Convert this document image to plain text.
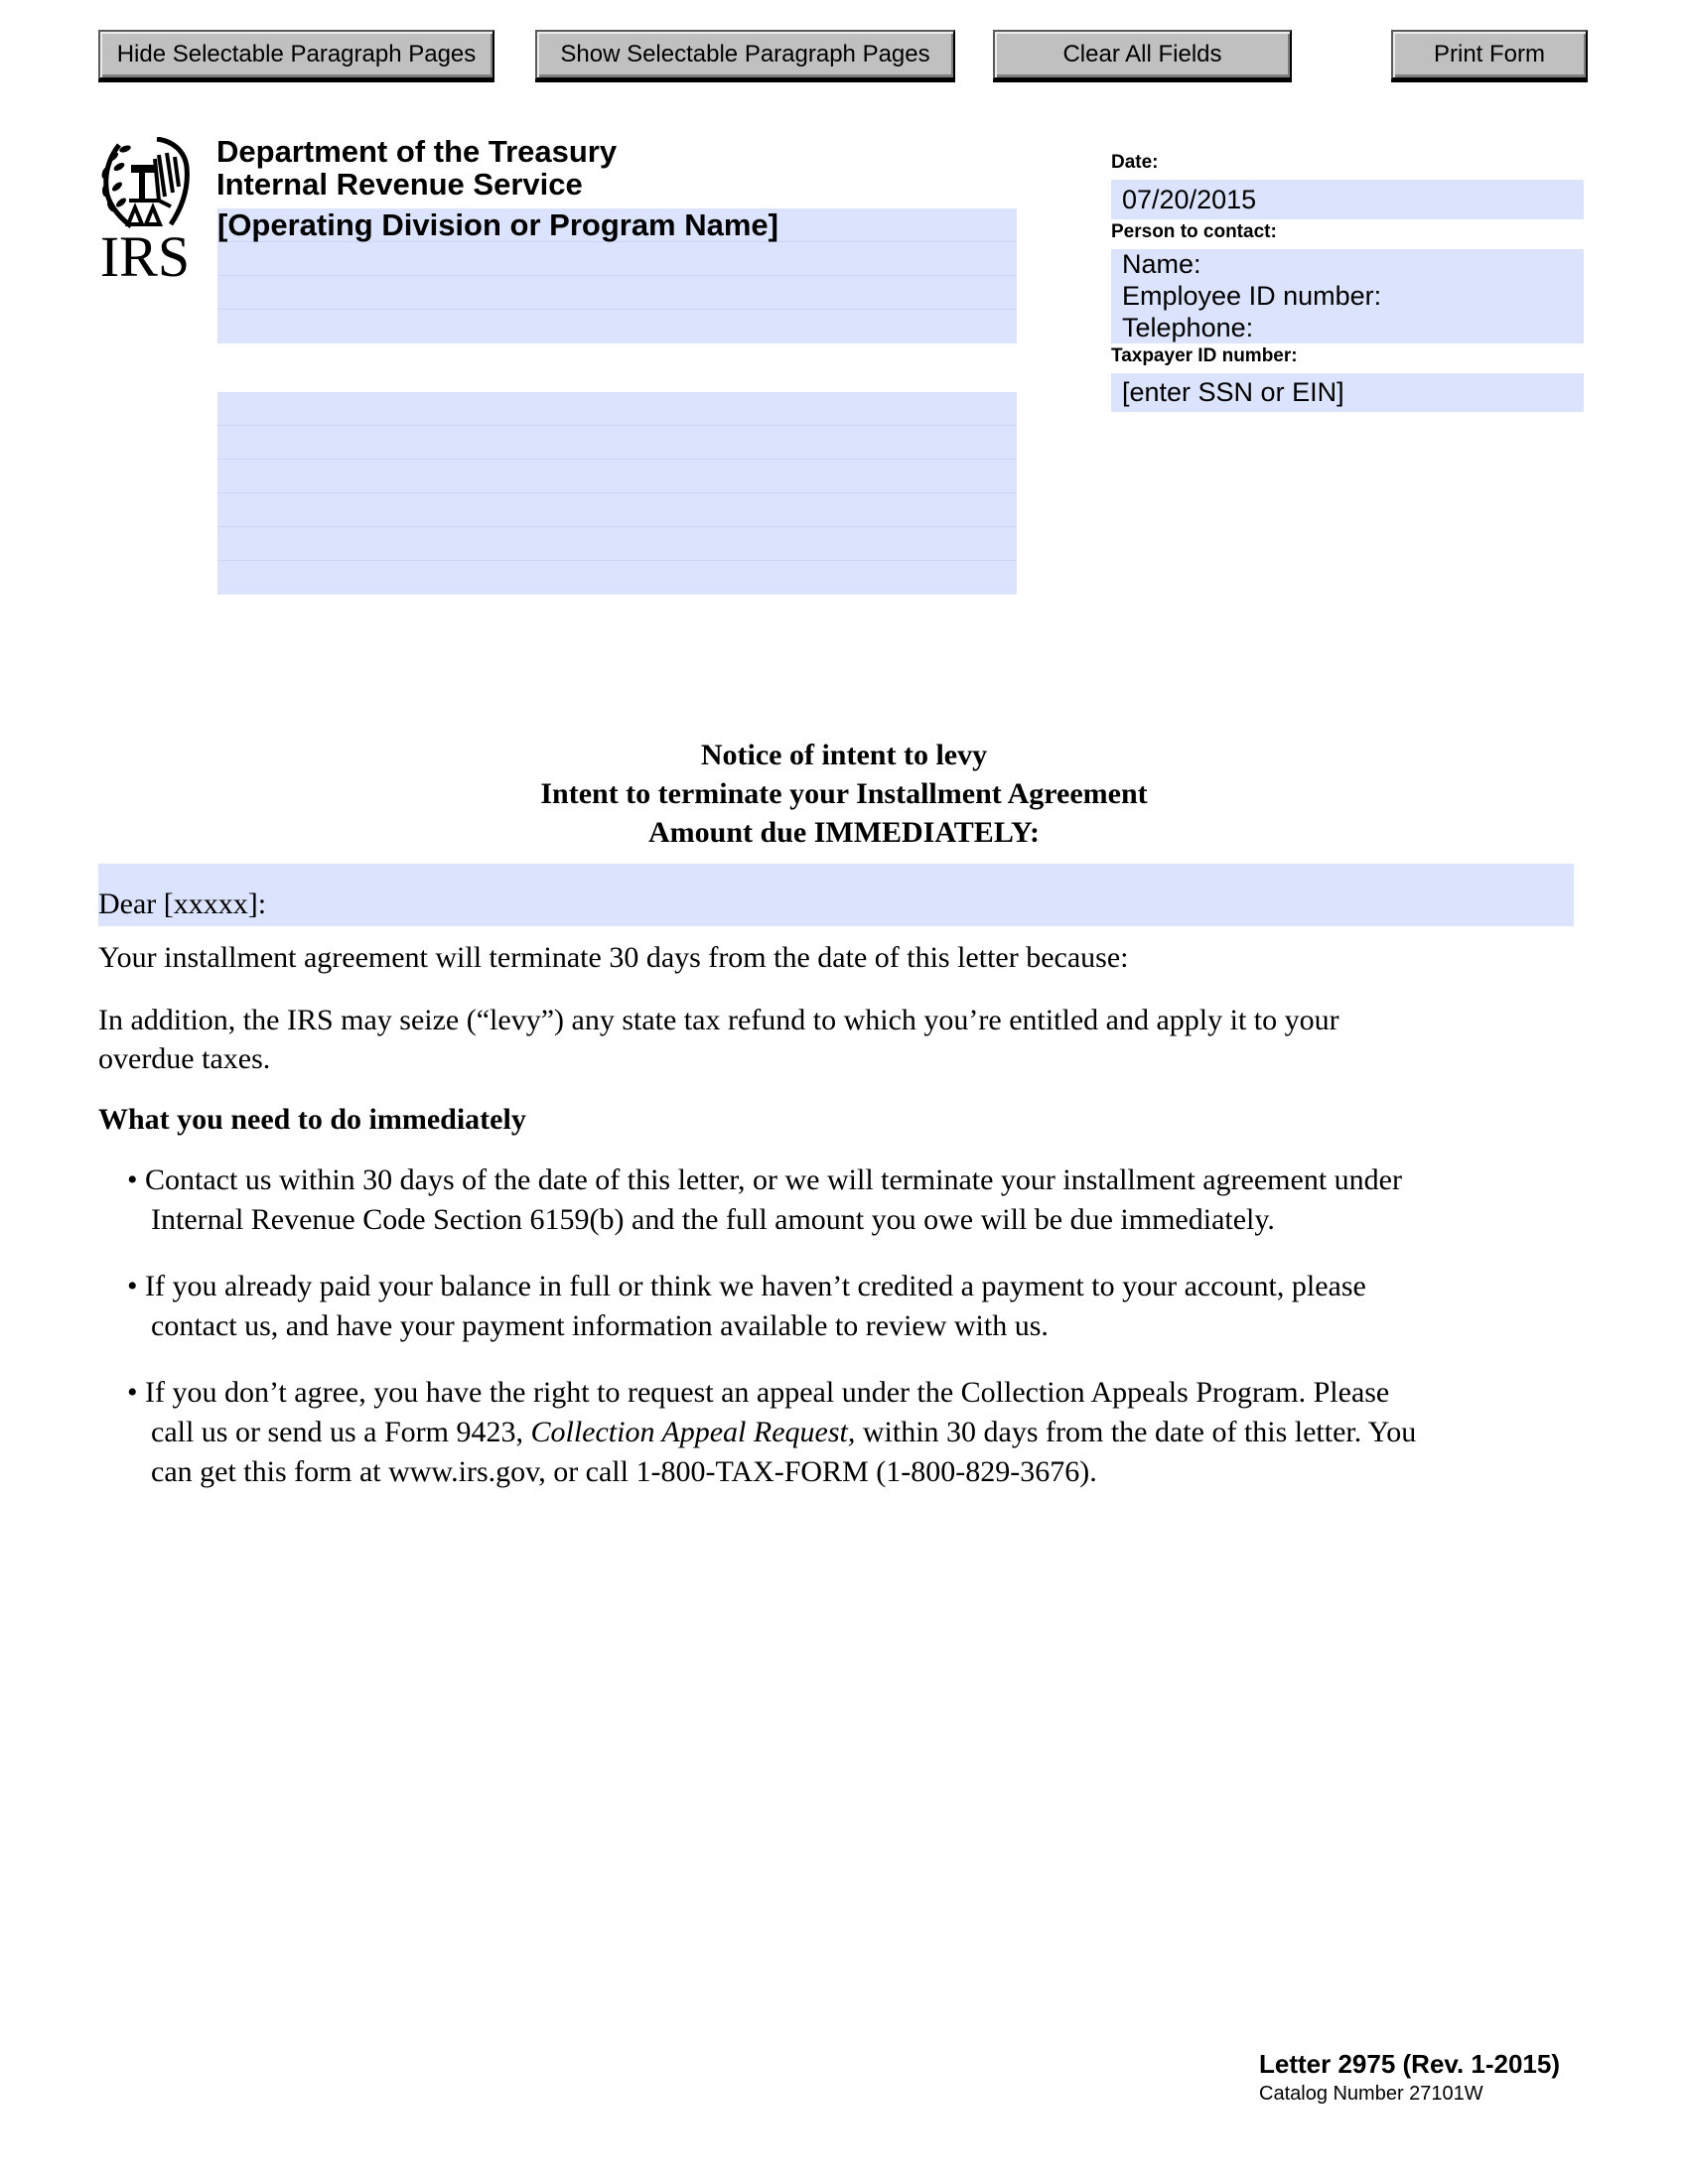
Hide Selectable Paragraph Pages	Show Selectable Paragraph Pages	Clear All Fields	Print Form
IRS
Department of the Treasury
Internal Revenue Service
[Operating Division or Program Name]
Date:
07/20/2015
Person to contact:
Name:
Employee ID number:
Telephone:
Taxpayer ID number:
[enter SSN or EIN]
Notice of intent to levy
Intent to terminate your Installment Agreement
Amount due IMMEDIATELY:
Dear [xxxxx]:
Your installment agreement will terminate 30 days from the date of this letter because:
In addition, the IRS may seize (“levy”) any state tax refund to which you’re entitled and apply it to your
overdue taxes.
What you need to do immediately
• Contact us within 30 days of the date of this letter, or we will terminate your installment agreement under
Internal Revenue Code Section 6159(b) and the full amount you owe will be due immediately.
• If you already paid your balance in full or think we haven’t credited a payment to your account, please
contact us, and have your payment information available to review with us.
• If you don’t agree, you have the right to request an appeal under the Collection Appeals Program. Please
call us or send us a Form 9423, Collection Appeal Request, within 30 days from the date of this letter. You
can get this form at www.irs.gov, or call 1-800-TAX-FORM (1-800-829-3676).
Letter 2975 (Rev. 1-2015)
Catalog Number 27101W
